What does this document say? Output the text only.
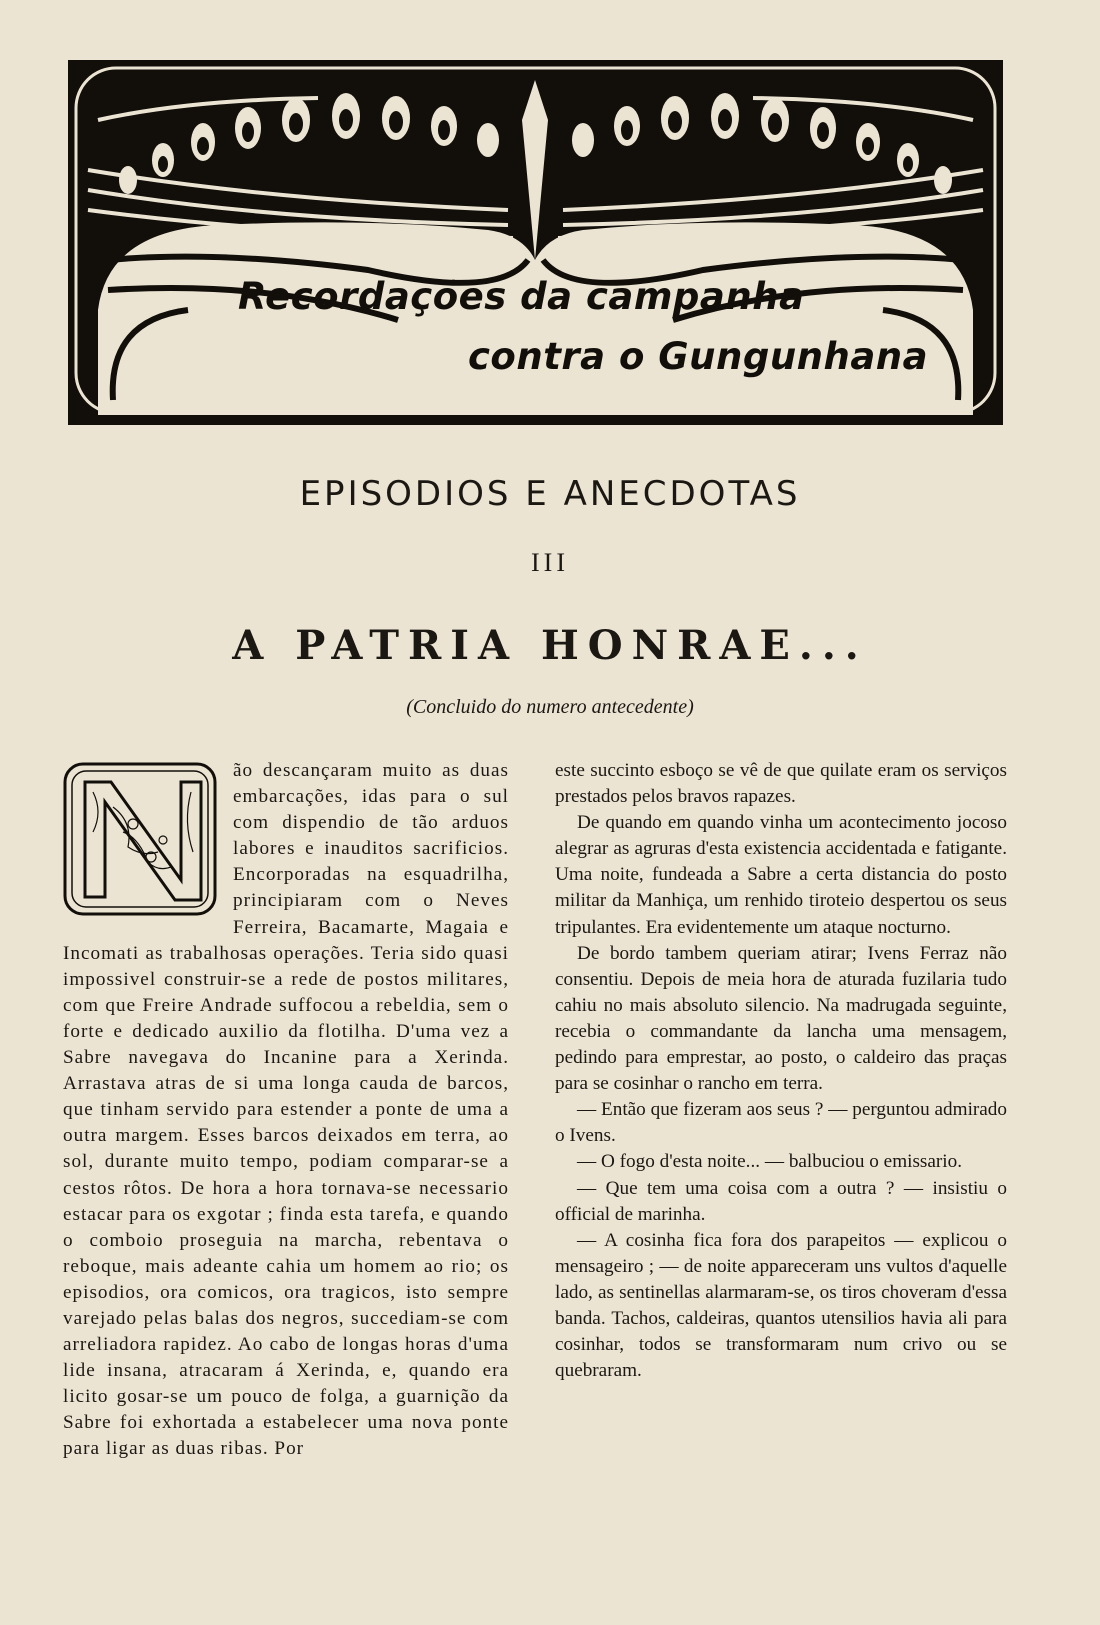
Recordações da campanha
contra o Gungunhana
EPISODIOS E ANECDOTAS
III
A PATRIA HONRAE...
(Concluido do numero antecedente)

ão descançaram muito as duas embarcações, idas para o sul com dispendio de tão arduos labores e inauditos sacrificios. Encorporadas na esquadrilha, principiaram com o Neves Ferreira, Bacamarte, Magaia e Incomati as trabalhosas operações. Teria sido quasi impossivel construir-se a rede de postos militares, com que Freire Andrade suffocou a rebeldia, sem o forte e dedicado auxilio da flotilha. D'uma vez a Sabre navegava do Incanine para a Xerinda. Arrastava atras de si uma longa cauda de barcos, que tinham servido para estender a ponte de uma a outra margem. Esses barcos deixados em terra, ao sol, durante muito tempo, podiam comparar-se a cestos rôtos. De hora a hora tornava-se necessario estacar para os exgotar ; finda esta tarefa, e quando o comboio proseguia na marcha, rebentava o reboque, mais adeante cahia um homem ao rio; os episodios, ora comicos, ora tragicos, isto sempre varejado pelas balas dos negros, succediam-se com arreliadora rapidez. Ao cabo de longas horas d'uma lide insana, atracaram á Xerinda, e, quando era licito gosar-se um pouco de folga, a guarnição da Sabre foi exhortada a estabelecer uma nova ponte para ligar as duas ribas. Por

este succinto esboço se vê de que quilate eram os serviços prestados pelos bravos rapazes.

De quando em quando vinha um acontecimento jocoso alegrar as agruras d'esta existencia accidentada e fatigante. Uma noite, fundeada a Sabre a certa distancia do posto militar da Manhiça, um renhido tiroteio despertou os seus tripulantes. Era evidentemente um ataque nocturno.

De bordo tambem queriam atirar; Ivens Ferraz não consentiu. Depois de meia hora de aturada fuzilaria tudo cahiu no mais absoluto silencio. Na madrugada seguinte, recebia o commandante da lancha uma mensagem, pedindo para emprestar, ao posto, o caldeiro das praças para se cosinhar o rancho em terra.

— Então que fizeram aos seus ? — perguntou admirado o Ivens.

— O fogo d'esta noite... — balbuciou o emissario.

— Que tem uma coisa com a outra ? — insistiu o official de marinha.

— A cosinha fica fora dos parapeitos — explicou o mensageiro ; — de noite appareceram uns vultos d'aquelle lado, as sentinellas alarmaram-se, os tiros choveram d'essa banda. Tachos, caldeiras, quantos utensilios havia ali para cosinhar, todos se transformaram num crivo ou se quebraram.
